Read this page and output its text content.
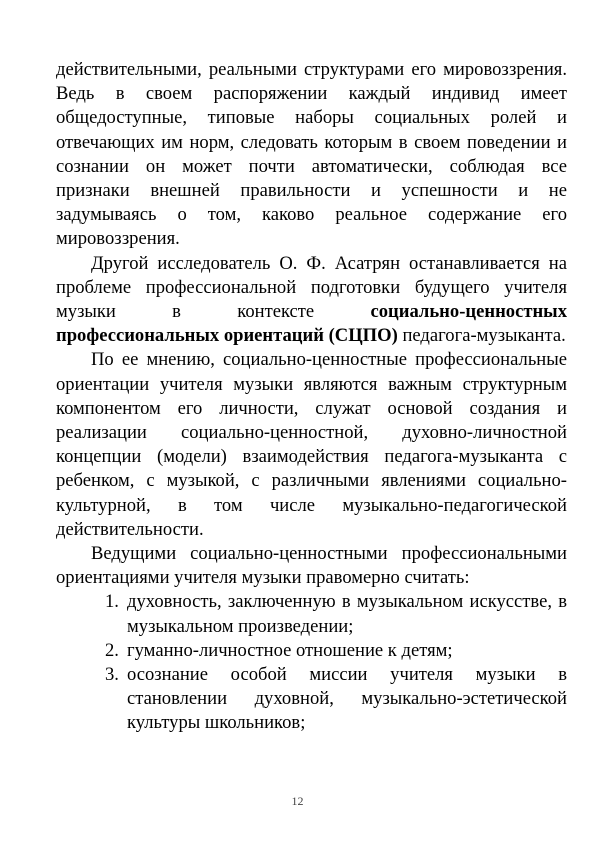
действительными, реальными структурами его мировоззрения. Ведь в своем распоряжении каждый индивид имеет общедоступные, типовые наборы социальных ролей и отвечающих им норм, следовать которым в своем поведении и сознании он может почти автоматически, соблюдая все признаки внешней правильности и успешности и не задумываясь о том, каково реальное содержание его мировоззрения.

Другой исследователь О. Ф. Асатрян останавливается на проблеме профессиональной подготовки будущего учителя музыки в контексте социально-ценностных профессиональных ориентаций (СЦПО) педагога-музыканта.

По ее мнению, социально-ценностные профессиональные ориентации учителя музыки являются важным структурным компонентом его личности, служат основой создания и реализации социально-ценностной, духовно-личностной концепции (модели) взаимодействия педагога-музыканта с ребенком, с музыкой, с различными явлениями социально-культурной, в том числе музыкально-педагогической действительности.

Ведущими социально-ценностными профессиональными ориентациями учителя музыки правомерно считать:

1. духовность, заключенную в музыкальном искусстве, в музыкальном произведении;
2. гуманно-личностное отношение к детям;
3. осознание особой миссии учителя музыки в становлении духовной, музыкально-эстетической культуры школьников;
12
